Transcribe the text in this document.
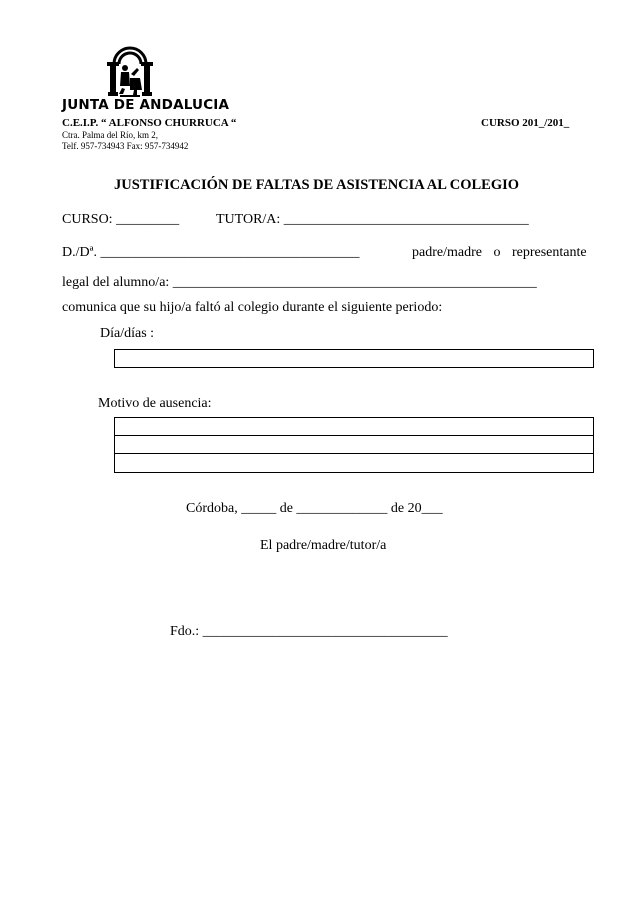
JUNTA DE ANDALUCIA
C.E.I.P. “ ALFONSO CHURRUCA “	CURSO 201_/201_
Ctra. Palma del Río, km 2,
Telf. 957-734943 Fax: 957-734942
JUSTIFICACIÓN DE FALTAS DE ASISTENCIA AL COLEGIO
CURSO: _________	TUTOR/A: ___________________________________
D./Dª. _____________________________________	padre/madre o representante
legal del alumno/a: ____________________________________________________
comunica que su hijo/a faltó al colegio durante el siguiente periodo:
Día/días :
Motivo de ausencia:
Córdoba, _____ de _____________ de 20___
El padre/madre/tutor/a
Fdo.: ___________________________________
